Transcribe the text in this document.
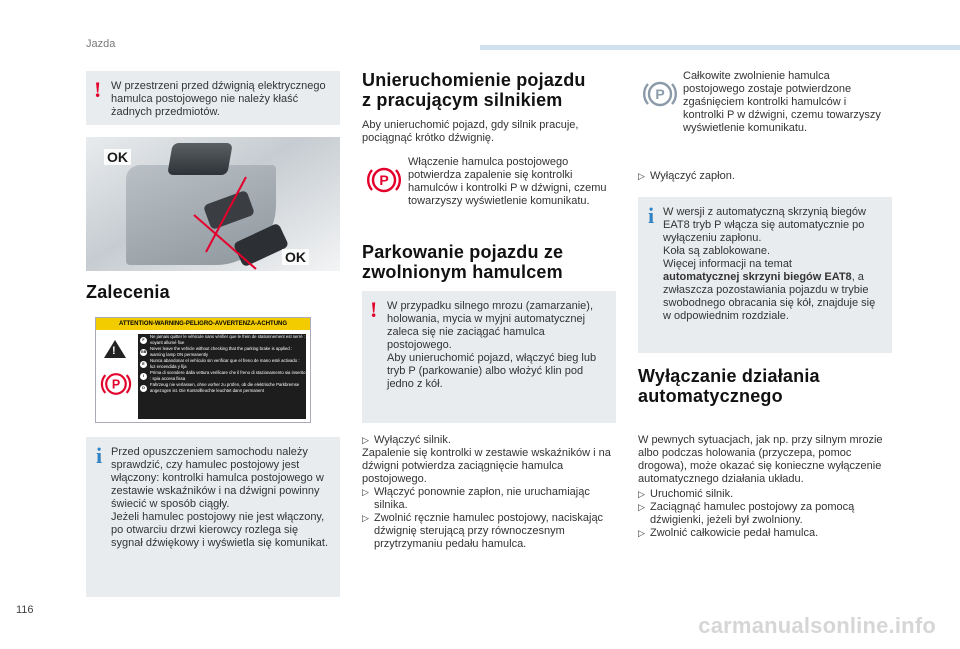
Jazda
! W przestrzeni przed dźwignią elektrycznego hamulca postojowego nie należy kłaść żadnych przedmiotów.
OK
OK
Zalecenia
ATTENTION-WARNING-PELIGRO-AVVERTENZA-ACHTUNG
!
P
F
Ne jamais quitter le véhicule sans vérifier que le frein de stationnement est serré : voyant allumé fixe
GB
Never leave the vehicle without checking that the parking brake is applied : warning lamp ON permanently
E
Nunca abandonar el vehículo sin verificar que el freno de mano esté activado : luz encendida y fija
I
Prima di scendere dalla vettura verificare che il freno di stazionamento sia inserito : spia accesa fissa
D
Fahrzeug nie verlassen, ohne vorher zu prüfen, ob die elektrische Parkbremse angezogen ist. Die Kontrollleuchte leuchtet dann permanent
i Przed opuszczeniem samochodu należy sprawdzić, czy hamulec postojowy jest włączony: kontrolki hamulca postojowego w zestawie wskaźników i na dźwigni powinny świecić w sposób ciągły.
Jeżeli hamulec postojowy nie jest włączony, po otwarciu drzwi kierowcy rozlega się sygnał dźwiękowy i wyświetla się komunikat.
Unieruchomienie pojazdu
z pracującym silnikiem
Aby unieruchomić pojazd, gdy silnik pracuje, pociągnąć krótko dźwignię.
P
Włączenie hamulca postojowego potwierdza zapalenie się kontrolki hamulców i kontrolki P w dźwigni, czemu towarzyszy wyświetlenie komunikatu.
Parkowanie pojazdu ze
zwolnionym hamulcem
! W przypadku silnego mrozu (zamarzanie), holowania, mycia w myjni automatycznej zaleca się nie zaciągać hamulca postojowego.
Aby unieruchomić pojazd, włączyć bieg lub tryb P (parkowanie) albo włożyć klin pod jedno z kół.
▷ Wyłączyć silnik.
Zapalenie się kontrolki w zestawie wskaźników i na dźwigni potwierdza zaciągnięcie hamulca postojowego.
▷ Włączyć ponownie zapłon, nie uruchamiając silnika.
▷ Zwolnić ręcznie hamulec postojowy, naciskając dźwignię sterującą przy równoczesnym przytrzymaniu pedału hamulca.
P
Całkowite zwolnienie hamulca postojowego zostaje potwierdzone zgaśnięciem kontrolki hamulców i kontrolki P w dźwigni, czemu towarzyszy wyświetlenie komunikatu.
▷ Wyłączyć zapłon.
i W wersji z automatyczną skrzynią biegów EAT8 tryb P włącza się automatycznie po wyłączeniu zapłonu.
Koła są zablokowane.
Więcej informacji na temat
automatycznej skrzyni biegów EAT8, a zwłaszcza pozostawiania pojazdu w trybie swobodnego obracania się kół, znajduje się w odpowiednim rozdziale.
Wyłączanie działania
automatycznego
W pewnych sytuacjach, jak np. przy silnym mrozie albo podczas holowania (przyczepa, pomoc drogowa), może okazać się konieczne wyłączenie automatycznego działania układu.
▷ Uruchomić silnik.
▷ Zaciągnąć hamulec postojowy za pomocą dźwigienki, jeżeli był zwolniony.
▷ Zwolnić całkowicie pedał hamulca.
116
carmanualsonline.info
